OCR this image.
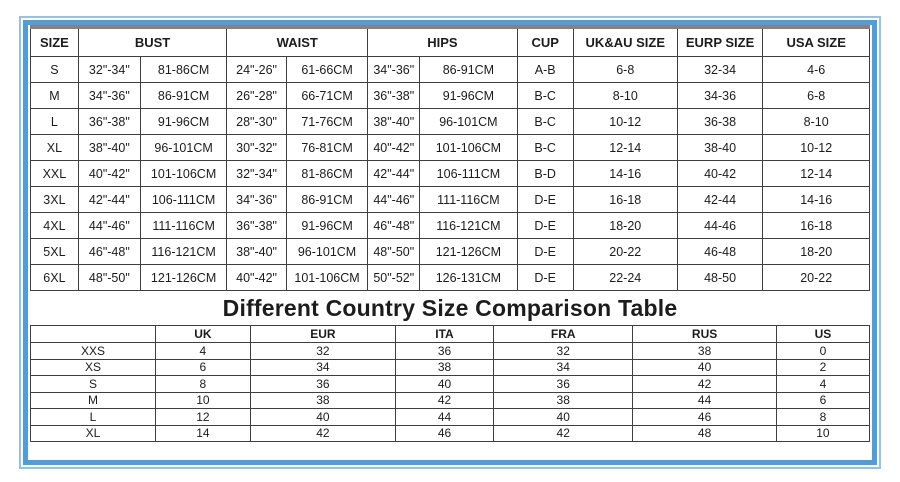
SIZE	BUST		WAIST		HIPS		CUP	UK&AU SIZE	EURP SIZE	USA SIZE
S	32"-34"	81-86CM	24"-26"	61-66CM	34"-36"	86-91CM	A-B	6-8	32-34	4-6
M	34"-36"	86-91CM	26"-28"	66-71CM	36"-38"	91-96CM	B-C	8-10	34-36	6-8
L	36"-38"	91-96CM	28"-30"	71-76CM	38"-40"	96-101CM	B-C	10-12	36-38	8-10
XL	38"-40"	96-101CM	30"-32"	76-81CM	40"-42"	101-106CM	B-C	12-14	38-40	10-12
XXL	40"-42"	101-106CM	32"-34"	81-86CM	42"-44"	106-111CM	B-D	14-16	40-42	12-14
3XL	42"-44"	106-111CM	34"-36"	86-91CM	44"-46"	111-116CM	D-E	16-18	42-44	14-16
4XL	44"-46"	111-116CM	36"-38"	91-96CM	46"-48"	116-121CM	D-E	18-20	44-46	16-18
5XL	46"-48"	116-121CM	38"-40"	96-101CM	48"-50"	121-126CM	D-E	20-22	46-48	18-20
6XL	48"-50"	121-126CM	40"-42"	101-106CM	50"-52"	126-131CM	D-E	22-24	48-50	20-22
Different Country Size Comparison Table
	UK	EUR	ITA	FRA	RUS	US
XXS	4	32	36	32	38	0
XS	6	34	38	34	40	2
S	8	36	40	36	42	4
M	10	38	42	38	44	6
L	12	40	44	40	46	8
XL	14	42	46	42	48	10
